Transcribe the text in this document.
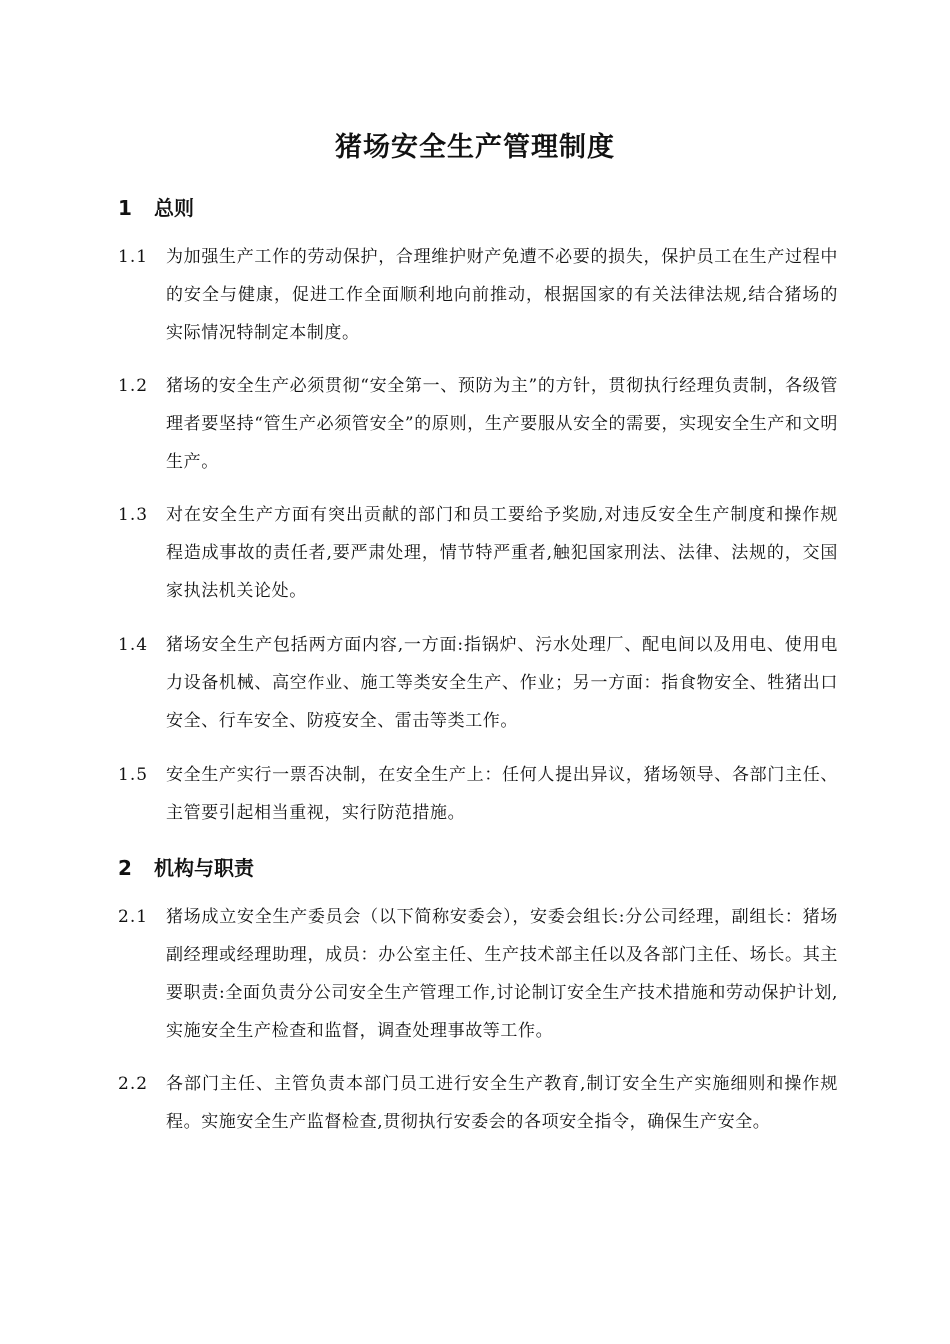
猪场安全生产管理制度
1 总则
1.1	为加强生产工作的劳动保护，合理维护财产免遭不必要的损失，保护员工在生产过程中的安全与健康，促进工作全面顺利地向前推动，根据国家的有关法律法规,结合猪场的实际情况特制定本制度。
1.2	猪场的安全生产必须贯彻“安全第一、预防为主”的方针，贯彻执行经理负责制，各级管理者要坚持“管生产必须管安全”的原则，生产要服从安全的需要，实现安全生产和文明生产。
1.3	对在安全生产方面有突出贡献的部门和员工要给予奖励,对违反安全生产制度和操作规程造成事故的责任者,要严肃处理，情节特严重者,触犯国家刑法、法律、法规的，交国家执法机关论处。
1.4	猪场安全生产包括两方面内容,一方面:指锅炉、污水处理厂、配电间以及用电、使用电力设备机械、高空作业、施工等类安全生产、作业；另一方面：指食物安全、牲猪出口安全、行车安全、防疫安全、雷击等类工作。
1.5	安全生产实行一票否决制，在安全生产上：任何人提出异议，猪场领导、各部门主任、主管要引起相当重视，实行防范措施。
2 机构与职责
2.1	猪场成立安全生产委员会（以下简称安委会），安委会组长:分公司经理，副组长：猪场副经理或经理助理，成员：办公室主任、生产技术部主任以及各部门主任、场长。其主要职责:全面负责分公司安全生产管理工作,讨论制订安全生产技术措施和劳动保护计划,实施安全生产检查和监督，调查处理事故等工作。
2.2	各部门主任、主管负责本部门员工进行安全生产教育,制订安全生产实施细则和操作规程。实施安全生产监督检查,贯彻执行安委会的各项安全指令，确保生产安全。
